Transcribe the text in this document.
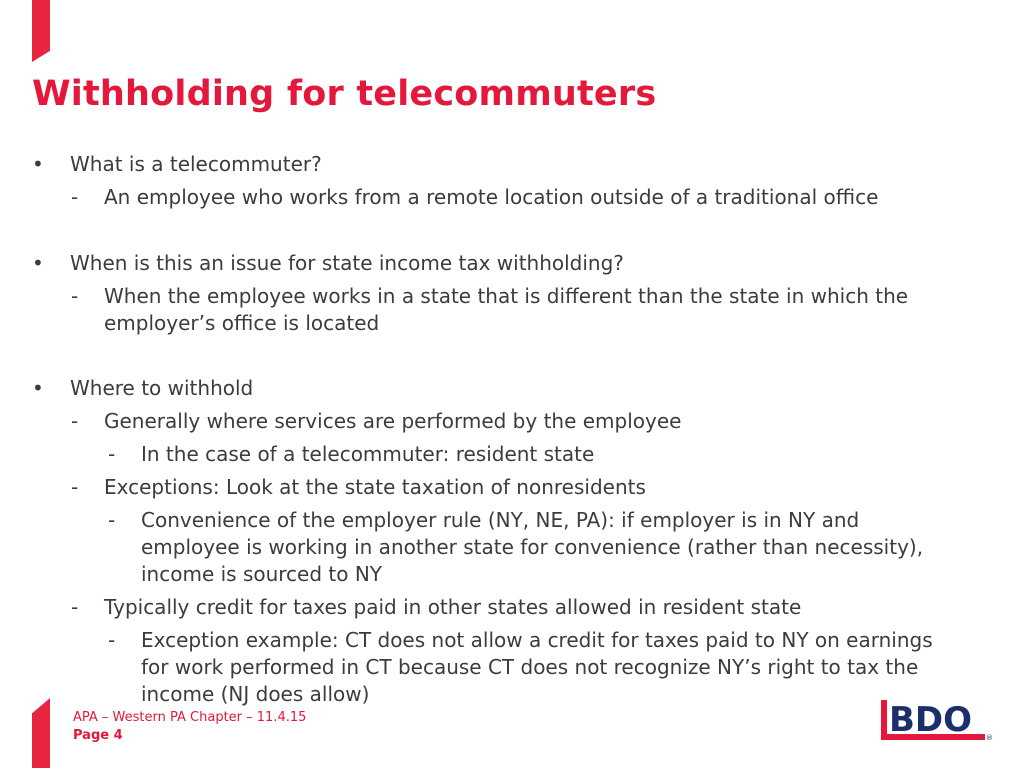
Withholding for telecommuters
• What is a telecommuter?
- An employee who works from a remote location outside of a traditional office
• When is this an issue for state income tax withholding?
- When the employee works in a state that is different than the state in which the
employer’s office is located
• Where to withhold
- Generally where services are performed by the employee
- In the case of a telecommuter: resident state
- Exceptions: Look at the state taxation of nonresidents
- Convenience of the employer rule (NY, NE, PA): if employer is in NY and
employee is working in another state for convenience (rather than necessity),
income is sourced to NY
- Typically credit for taxes paid in other states allowed in resident state
- Exception example: CT does not allow a credit for taxes paid to NY on earnings
for work performed in CT because CT does not recognize NY’s right to tax the
income (NJ does allow)
APA – Western PA Chapter – 11.4.15
Page 4	BDO ®
